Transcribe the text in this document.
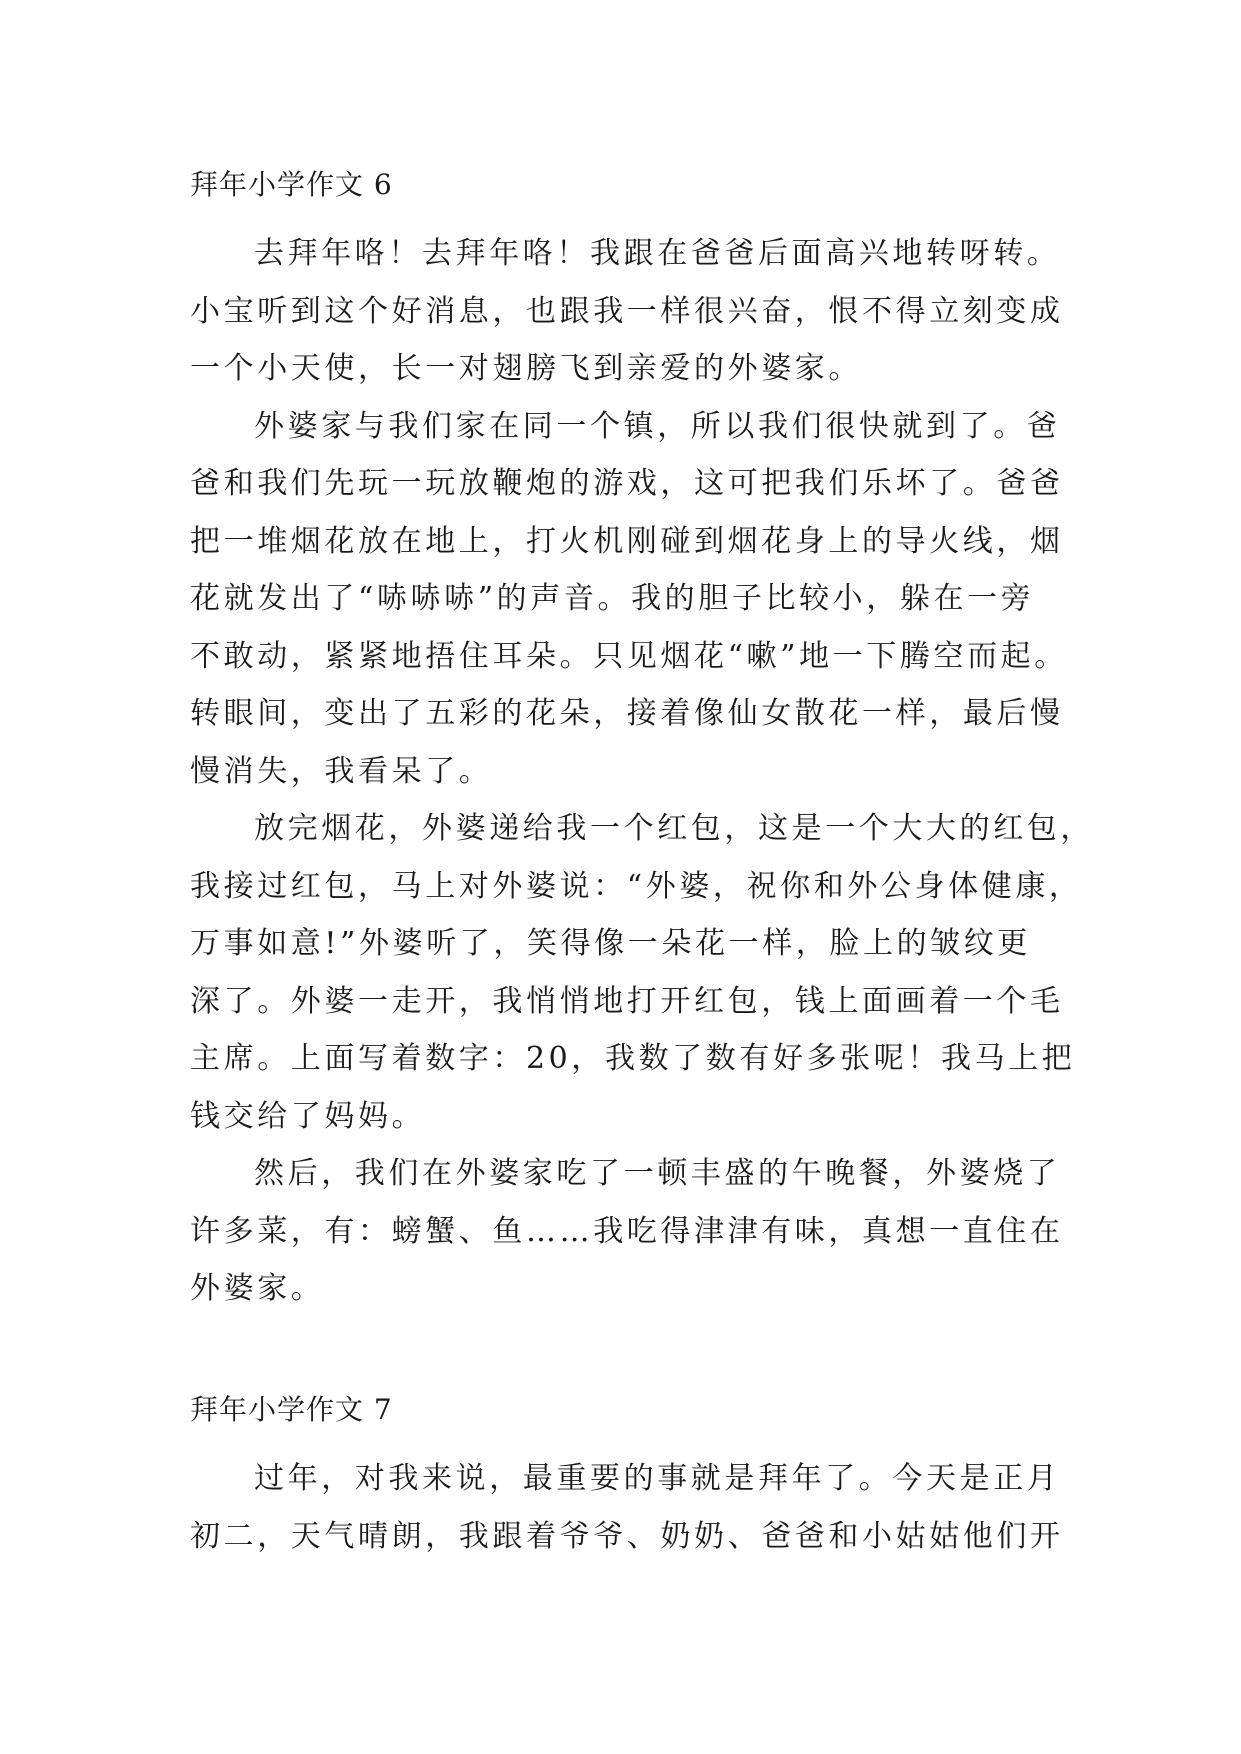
拜年小学作文 6
去拜年咯！去拜年咯！我跟在爸爸后面高兴地转呀转。
小宝听到这个好消息，也跟我一样很兴奋，恨不得立刻变成
一个小天使，长一对翅膀飞到亲爱的外婆家。
外婆家与我们家在同一个镇，所以我们很快就到了。爸
爸和我们先玩一玩放鞭炮的游戏，这可把我们乐坏了。爸爸
把一堆烟花放在地上，打火机刚碰到烟花身上的导火线，烟
花就发出了“哧哧哧”的声音。我的胆子比较小，躲在一旁
不敢动，紧紧地捂住耳朵。只见烟花“嗽”地一下腾空而起。
转眼间，变出了五彩的花朵，接着像仙女散花一样，最后慢
慢消失，我看呆了。
放完烟花，外婆递给我一个红包，这是一个大大的红包，
我接过红包，马上对外婆说：“外婆，祝你和外公身体健康，
万事如意!”外婆听了，笑得像一朵花一样，脸上的皱纹更
深了。外婆一走开，我悄悄地打开红包，钱上面画着一个毛
主席。上面写着数字：20，我数了数有好多张呢！我马上把
钱交给了妈妈。
然后，我们在外婆家吃了一顿丰盛的午晚餐，外婆烧了
许多菜，有：螃蟹、鱼……我吃得津津有味，真想一直住在
外婆家。
拜年小学作文 7
过年，对我来说，最重要的事就是拜年了。今天是正月
初二，天气晴朗，我跟着爷爷、奶奶、爸爸和小姑姑他们开
